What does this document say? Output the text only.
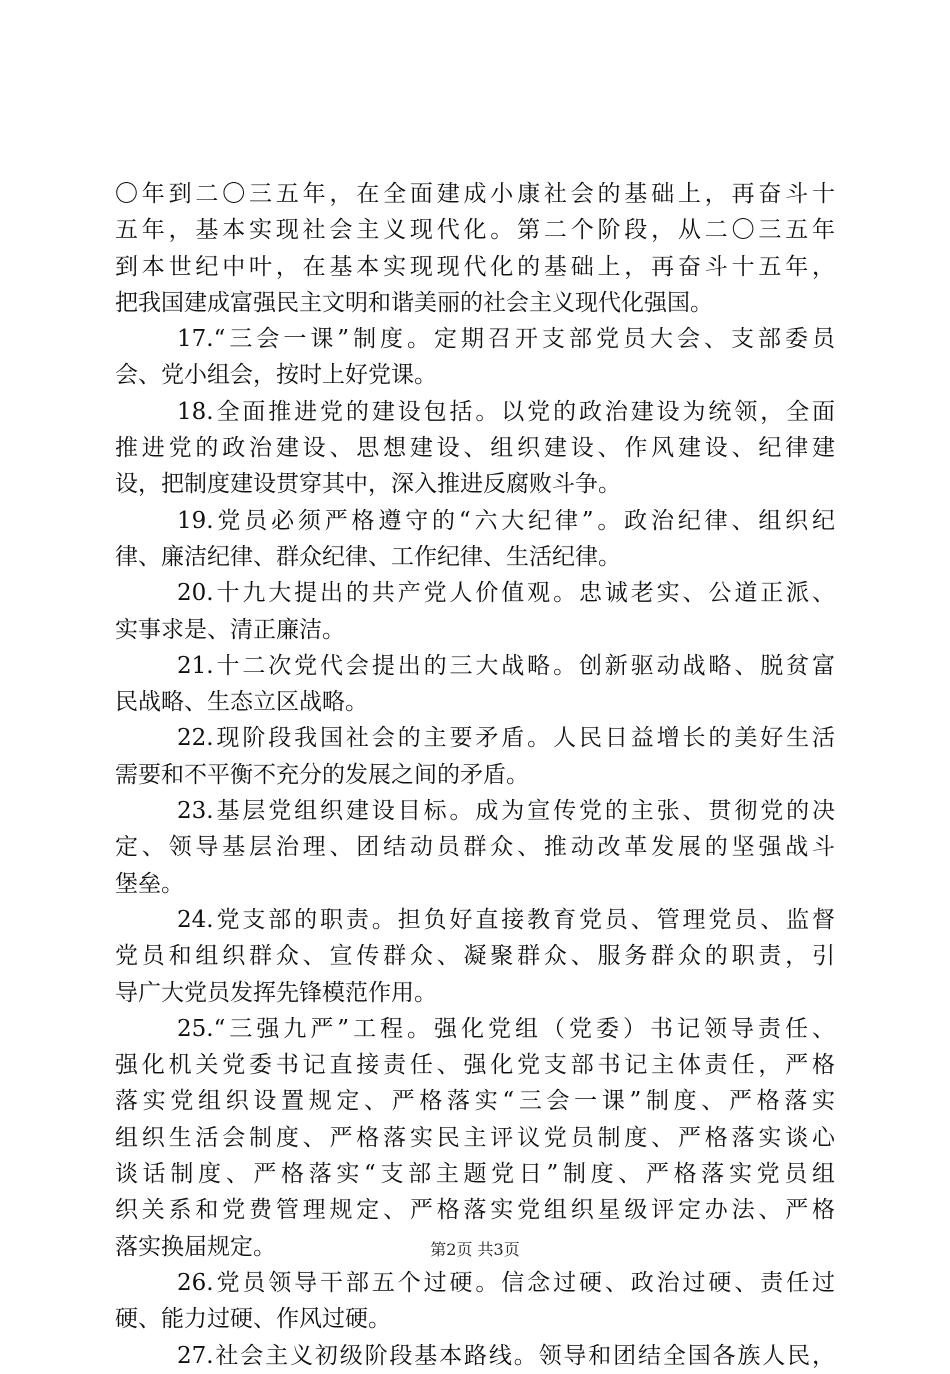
〇年到二〇三五年，在全面建成小康社会的基础上，再奋斗十
五年，基本实现社会主义现代化。第二个阶段，从二〇三五年
到本世纪中叶，在基本实现现代化的基础上，再奋斗十五年，
把我国建成富强民主文明和谐美丽的社会主义现代化强国。
17.“三会一课”制度。定期召开支部党员大会、支部委员
会、党小组会，按时上好党课。
18.全面推进党的建设包括。以党的政治建设为统领，全面
推进党的政治建设、思想建设、组织建设、作风建设、纪律建
设，把制度建设贯穿其中，深入推进反腐败斗争。
19.党员必须严格遵守的“六大纪律”。政治纪律、组织纪
律、廉洁纪律、群众纪律、工作纪律、生活纪律。
20.十九大提出的共产党人价值观。忠诚老实、公道正派、
实事求是、清正廉洁。
21.十二次党代会提出的三大战略。创新驱动战略、脱贫富
民战略、生态立区战略。
22.现阶段我国社会的主要矛盾。人民日益增长的美好生活
需要和不平衡不充分的发展之间的矛盾。
23.基层党组织建设目标。成为宣传党的主张、贯彻党的决
定、领导基层治理、团结动员群众、推动改革发展的坚强战斗
堡垒。
24.党支部的职责。担负好直接教育党员、管理党员、监督
党员和组织群众、宣传群众、凝聚群众、服务群众的职责，引
导广大党员发挥先锋模范作用。
25.“三强九严”工程。强化党组（党委）书记领导责任、
强化机关党委书记直接责任、强化党支部书记主体责任，严格
落实党组织设置规定、严格落实“三会一课”制度、严格落实
组织生活会制度、严格落实民主评议党员制度、严格落实谈心
谈话制度、严格落实“支部主题党日”制度、严格落实党员组
织关系和党费管理规定、严格落实党组织星级评定办法、严格
落实换届规定。
26.党员领导干部五个过硬。信念过硬、政治过硬、责任过
硬、能力过硬、作风过硬。
27.社会主义初级阶段基本路线。领导和团结全国各族人民，
第2页 共3页
